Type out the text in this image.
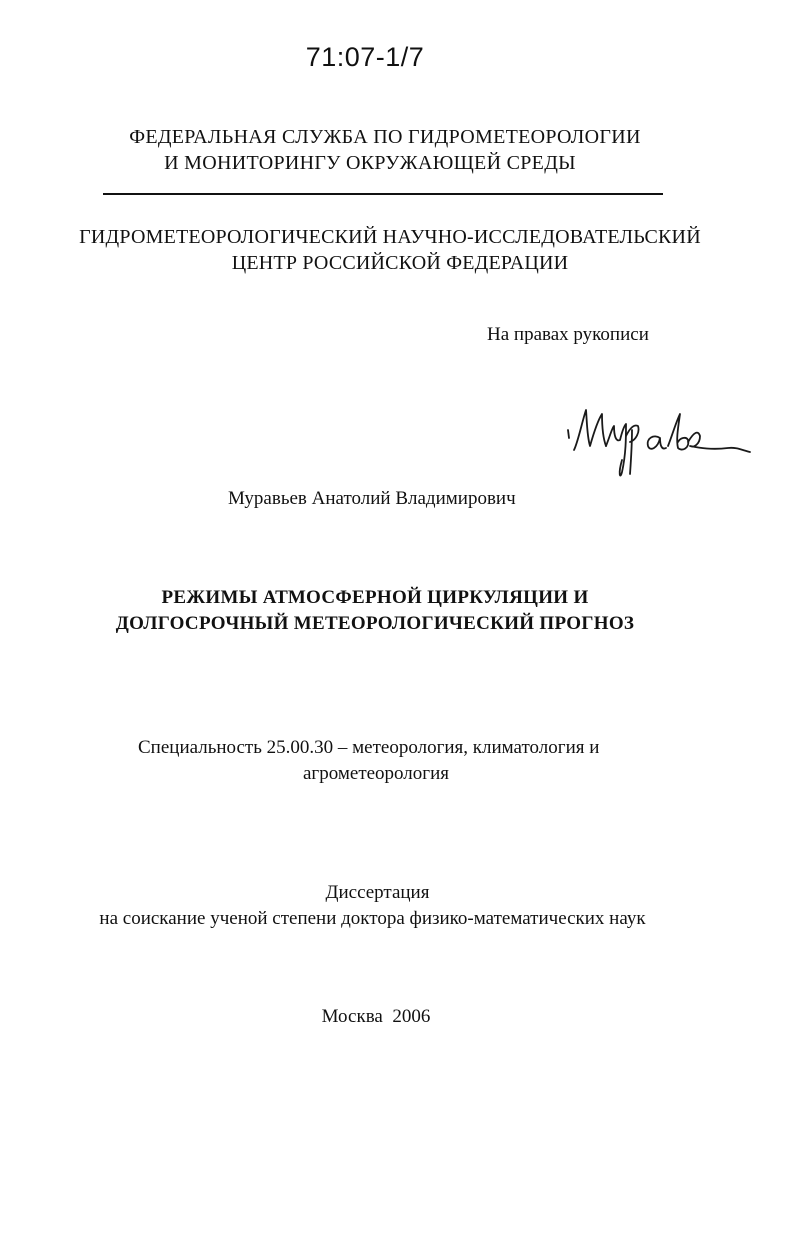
71:07-1/7
ФЕДЕРАЛЬНАЯ СЛУЖБА ПО ГИДРОМЕТЕОРОЛОГИИ
И МОНИТОРИНГУ ОКРУЖАЮЩЕЙ СРЕДЫ
ГИДРОМЕТЕОРОЛОГИЧЕСКИЙ НАУЧНО-ИССЛЕДОВАТЕЛЬСКИЙ
ЦЕНТР РОССИЙСКОЙ ФЕДЕРАЦИИ
На правах рукописи
Муравьев Анатолий Владимирович
РЕЖИМЫ АТМОСФЕРНОЙ ЦИРКУЛЯЦИИ И
ДОЛГОСРОЧНЫЙ МЕТЕОРОЛОГИЧЕСКИЙ ПРОГНОЗ
Специальность 25.00.30 – метеорология, климатология и
агрометеорология
Диссертация
на соискание ученой степени доктора физико-математических наук
Москва  2006
